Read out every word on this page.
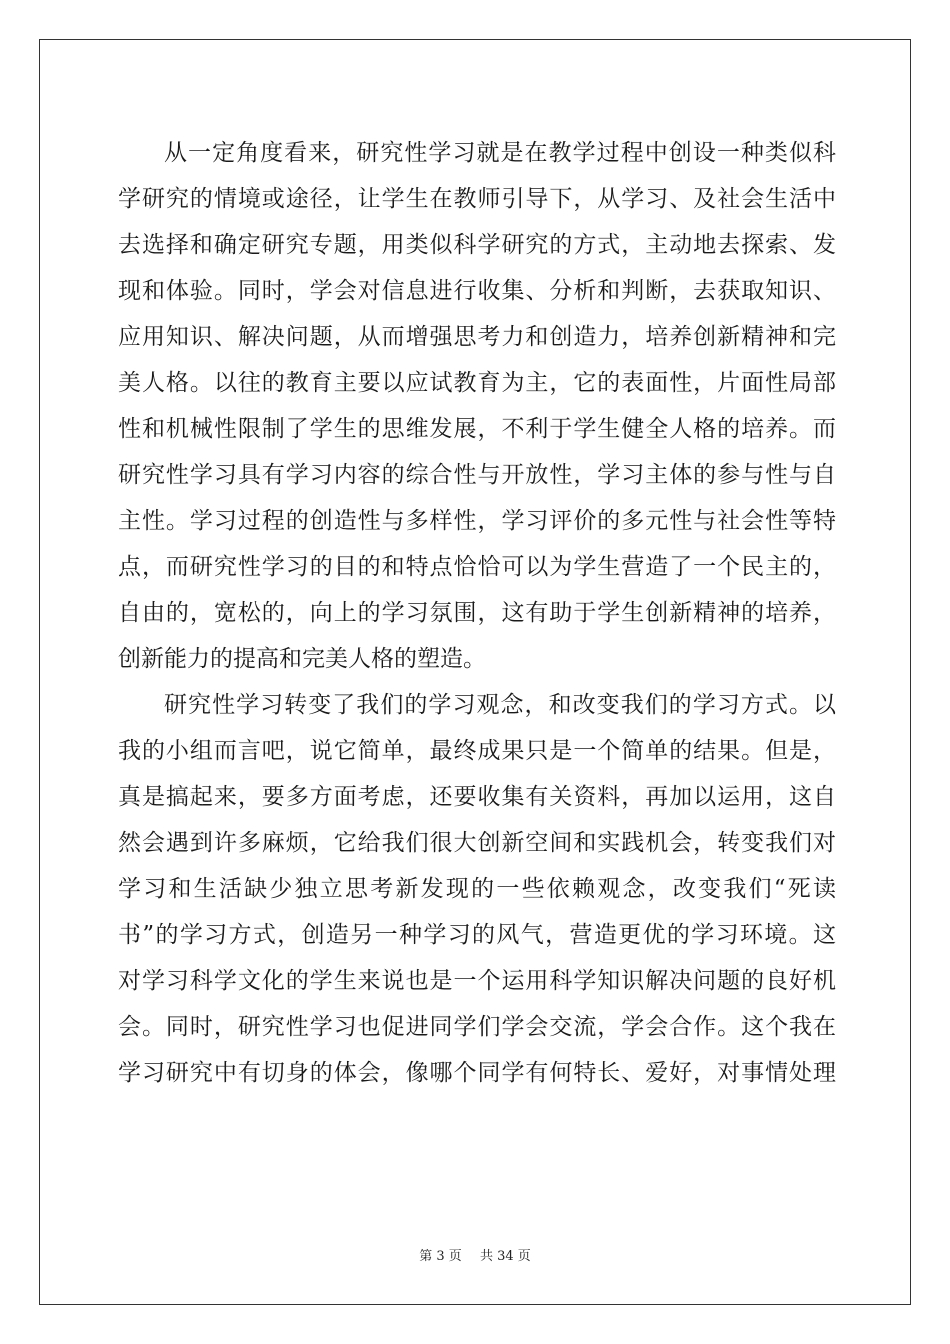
从一定角度看来，研究性学习就是在教学过程中创设一种类似科
学研究的情境或途径，让学生在教师引导下，从学习、及社会生活中
去选择和确定研究专题，用类似科学研究的方式，主动地去探索、发
现和体验。同时，学会对信息进行收集、分析和判断，去获取知识、
应用知识、解决问题，从而增强思考力和创造力，培养创新精神和完
美人格。以往的教育主要以应试教育为主，它的表面性，片面性局部
性和机械性限制了学生的思维发展，不利于学生健全人格的培养。而
研究性学习具有学习内容的综合性与开放性，学习主体的参与性与自
主性。学习过程的创造性与多样性，学习评价的多元性与社会性等特
点，而研究性学习的目的和特点恰恰可以为学生营造了一个民主的，
自由的，宽松的，向上的学习氛围，这有助于学生创新精神的培养，
创新能力的提高和完美人格的塑造。
研究性学习转变了我们的学习观念，和改变我们的学习方式。以
我的小组而言吧，说它简单，最终成果只是一个简单的结果。但是，
真是搞起来，要多方面考虑，还要收集有关资料，再加以运用，这自
然会遇到许多麻烦，它给我们很大创新空间和实践机会，转变我们对
学习和生活缺少独立思考新发现的一些依赖观念，改变我们“死读
书”的学习方式，创造另一种学习的风气，营造更优的学习环境。这
对学习科学文化的学生来说也是一个运用科学知识解决问题的良好机
会。同时，研究性学习也促进同学们学会交流，学会合作。这个我在
学习研究中有切身的体会，像哪个同学有何特长、爱好，对事情处理
第 3 页 共 34 页
